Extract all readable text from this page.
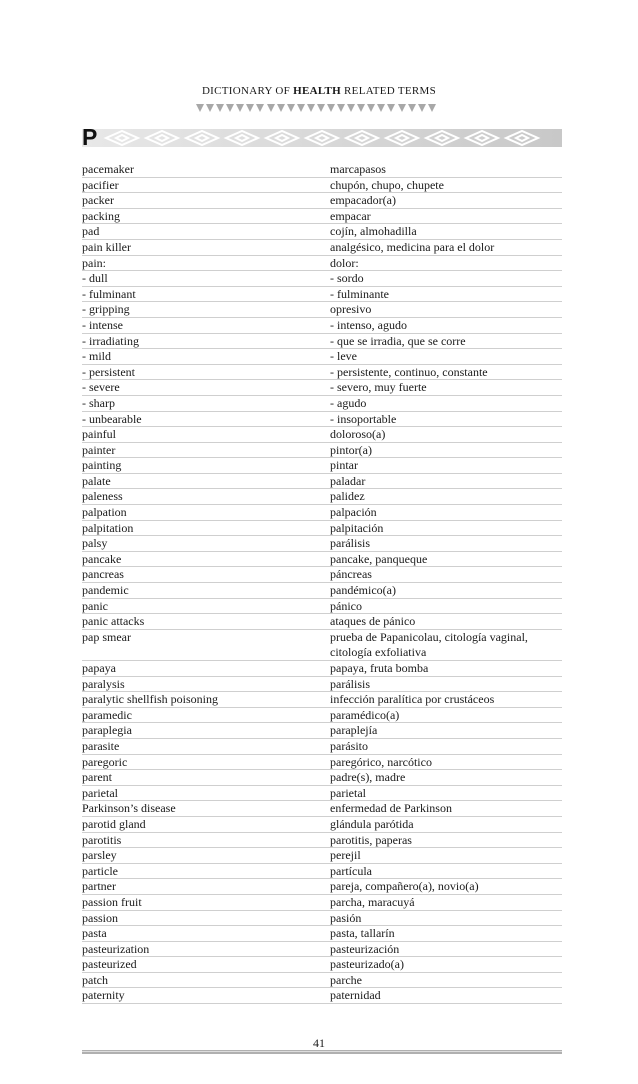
DICTIONARY OF HEALTH RELATED TERMS
P
pacemaker	marcapasos
pacifier	chupón, chupo, chupete
packer	empacador(a)
packing	empacar
pad	cojín, almohadilla
pain killer	analgésico, medicina para el dolor
pain:	dolor:
- dull	- sordo
- fulminant	- fulminante
- gripping	opresivo
- intense	- intenso, agudo
- irradiating	- que se irradia, que se corre
- mild	- leve
- persistent	- persistente, continuo, constante
- severe	- severo, muy fuerte
- sharp	- agudo
- unbearable	- insoportable
painful	doloroso(a)
painter	pintor(a)
painting	pintar
palate	paladar
paleness	palidez
palpation	palpación
palpitation	palpitación
palsy	parálisis
pancake	pancake, panqueque
pancreas	páncreas
pandemic	pandémico(a)
panic	pánico
panic attacks	ataques de pánico
pap smear	prueba de Papanicolau, citología vaginal,
citología exfoliativa
papaya	papaya, fruta bomba
paralysis	parálisis
paralytic shellfish poisoning	infección paralítica por crustáceos
paramedic	paramédico(a)
paraplegia	paraplejía
parasite	parásito
paregoric	paregórico, narcótico
parent	padre(s), madre
parietal	parietal
Parkinson’s disease	enfermedad de Parkinson
parotid gland	glándula parótida
parotitis	parotitis, paperas
parsley	perejil
particle	partícula
partner	pareja, compañero(a), novio(a)
passion fruit	parcha, maracuyá
passion	pasión
pasta	pasta, tallarín
pasteurization	pasteurización
pasteurized	pasteurizado(a)
patch	parche
paternity	paternidad
41
